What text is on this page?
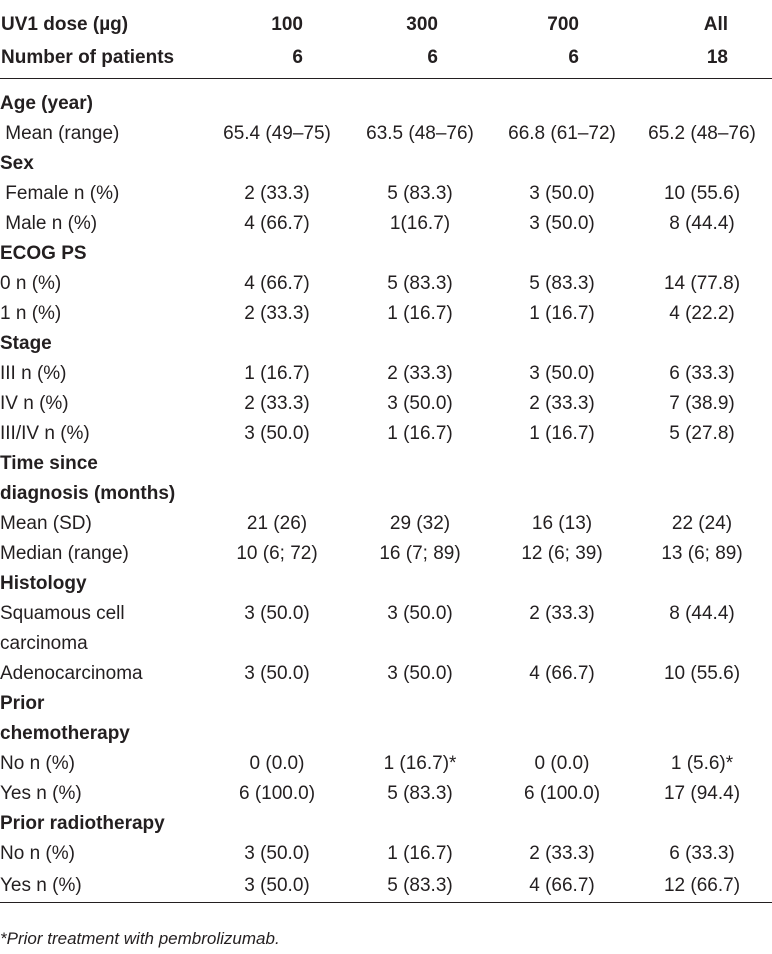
UV1 dose (µg)	100	300	700	All
Number of patients	6	6	6	18

Age (year)				
Mean (range)	65.4 (49–75)	63.5 (48–76)	66.8 (61–72)	65.2 (48–76)
Sex				
Female n (%)	2 (33.3)	5 (83.3)	3 (50.0)	10 (55.6)
Male n (%)	4 (66.7)	1(16.7)	3 (50.0)	8 (44.4)
ECOG PS				
0 n (%)	4 (66.7)	5 (83.3)	5 (83.3)	14 (77.8)
1 n (%)	2 (33.3)	1 (16.7)	1 (16.7)	4 (22.2)
Stage				
III n (%)	1 (16.7)	2 (33.3)	3 (50.0)	6 (33.3)
IV n (%)	2 (33.3)	3 (50.0)	2 (33.3)	7 (38.9)
III/IV n (%)	3 (50.0)	1 (16.7)	1 (16.7)	5 (27.8)
Time since				
diagnosis (months)				
Mean (SD)	21 (26)	29 (32)	16 (13)	22 (24)
Median (range)	10 (6; 72)	16 (7; 89)	12 (6; 39)	13 (6; 89)
Histology				
Squamous cell	3 (50.0)	3 (50.0)	2 (33.3)	8 (44.4)
carcinoma				
Adenocarcinoma	3 (50.0)	3 (50.0)	4 (66.7)	10 (55.6)
Prior				
chemotherapy				
No n (%)	0 (0.0)	1 (16.7)*	0 (0.0)	1 (5.6)*
Yes n (%)	6 (100.0)	5 (83.3)	6 (100.0)	17 (94.4)
Prior radiotherapy				
No n (%)	3 (50.0)	1 (16.7)	2 (33.3)	6 (33.3)
Yes n (%)	3 (50.0)	5 (83.3)	4 (66.7)	12 (66.7)
*Prior treatment with pembrolizumab.
